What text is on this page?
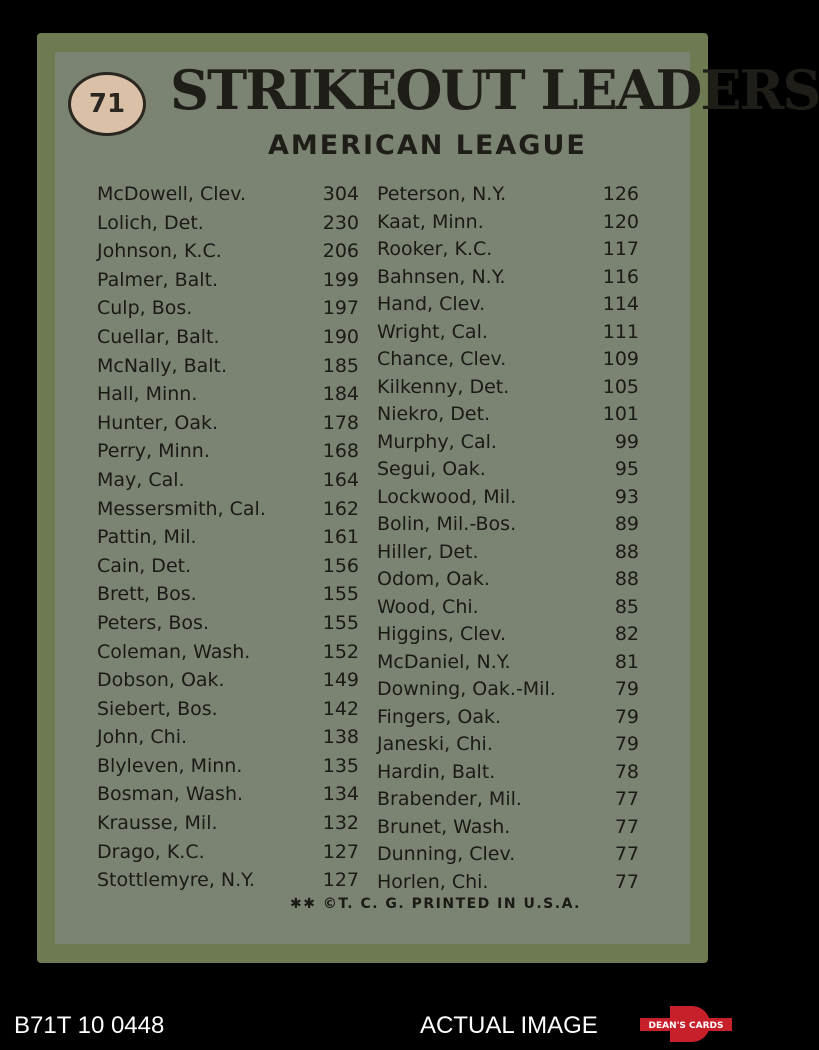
71 STRIKEOUT LEADERS
AMERICAN LEAGUE
McDowell, Clev.	304
Lolich, Det.	230
Johnson, K.C.	206
Palmer, Balt.	199
Culp, Bos.	197
Cuellar, Balt.	190
McNally, Balt.	185
Hall, Minn.	184
Hunter, Oak.	178
Perry, Minn.	168
May, Cal.	164
Messersmith, Cal.	162
Pattin, Mil.	161
Cain, Det.	156
Brett, Bos.	155
Peters, Bos.	155
Coleman, Wash.	152
Dobson, Oak.	149
Siebert, Bos.	142
John, Chi.	138
Blyleven, Minn.	135
Bosman, Wash.	134
Krausse, Mil.	132
Drago, K.C.	127
Stottlemyre, N.Y.	127
Peterson, N.Y.	126
Kaat, Minn.	120
Rooker, K.C.	117
Bahnsen, N.Y.	116
Hand, Clev.	114
Wright, Cal.	111
Chance, Clev.	109
Kilkenny, Det.	105
Niekro, Det.	101
Murphy, Cal.	99
Segui, Oak.	95
Lockwood, Mil.	93
Bolin, Mil.-Bos.	89
Hiller, Det.	88
Odom, Oak.	88
Wood, Chi.	85
Higgins, Clev.	82
McDaniel, N.Y.	81
Downing, Oak.-Mil.	79
Fingers, Oak.	79
Janeski, Chi.	79
Hardin, Balt.	78
Brabender, Mil.	77
Brunet, Wash.	77
Dunning, Clev.	77
Horlen, Chi.	77
✱✱ ©T. C. G. PRINTED IN U.S.A.
B71T 10 0448	ACTUAL IMAGE	DEAN'S CARDS
